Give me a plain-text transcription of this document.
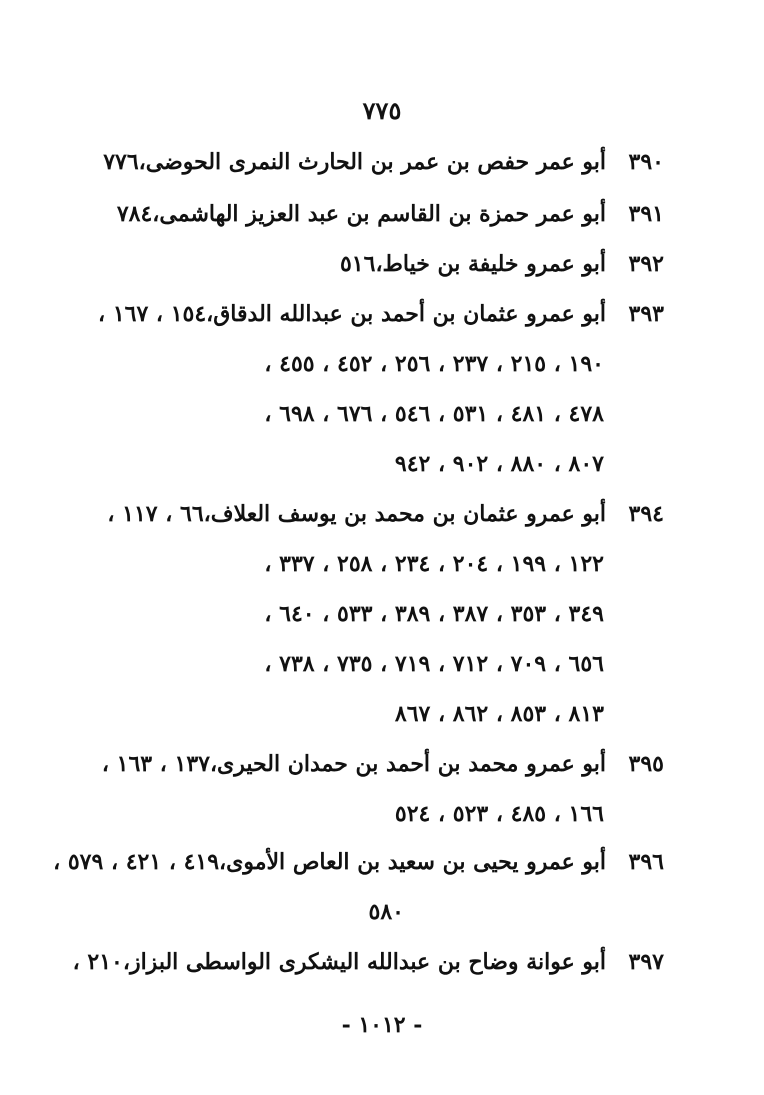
٧٧٥
٣٩٠
أبو عمر حفص بن عمر بن الحارث النمرى الحوضى،٧٧٦
٣٩١
أبو عمر حمزة بن القاسم بن عبد العزيز الهاشمى،٧٨٤
٣٩٢
أبو عمرو خليفة بن خياط،٥١٦
٣٩٣
أبو عمرو عثمان بن أحمد بن عبدالله الدقاق،١٥٤ ، ١٦٧ ،
١٩٠ ، ٢١٥ ، ٢٣٧ ، ٢٥٦ ، ٤٥٢ ، ٤٥٥ ،
٤٧٨ ، ٤٨١ ، ٥٣١ ، ٥٤٦ ، ٦٧٦ ، ٦٩٨ ،
٨٠٧ ، ٨٨٠ ، ٩٠٢ ، ٩٤٢
٣٩٤
أبو عمرو عثمان بن محمد بن يوسف العلاف،٦٦ ، ١١٧ ،
١٢٢ ، ١٩٩ ، ٢٠٤ ، ٢٣٤ ، ٢٥٨ ، ٣٣٧ ،
٣٤٩ ، ٣٥٣ ، ٣٨٧ ، ٣٨٩ ، ٥٣٣ ، ٦٤٠ ،
٦٥٦ ، ٧٠٩ ، ٧١٢ ، ٧١٩ ، ٧٣٥ ، ٧٣٨ ،
٨١٣ ، ٨٥٣ ، ٨٦٢ ، ٨٦٧
٣٩٥
أبو عمرو محمد بن أحمد بن حمدان الحيرى،١٣٧ ، ١٦٣ ،
١٦٦ ، ٤٨٥ ، ٥٢٣ ، ٥٢٤
٣٩٦
أبو عمرو يحيى بن سعيد بن العاص الأموى،٤١٩ ، ٤٢١ ، ٥٧٩ ،
٥٨٠
٣٩٧
أبو عوانة وضاح بن عبدالله اليشكرى الواسطى البزاز،٢١٠ ،
- ١٠١٢ -
